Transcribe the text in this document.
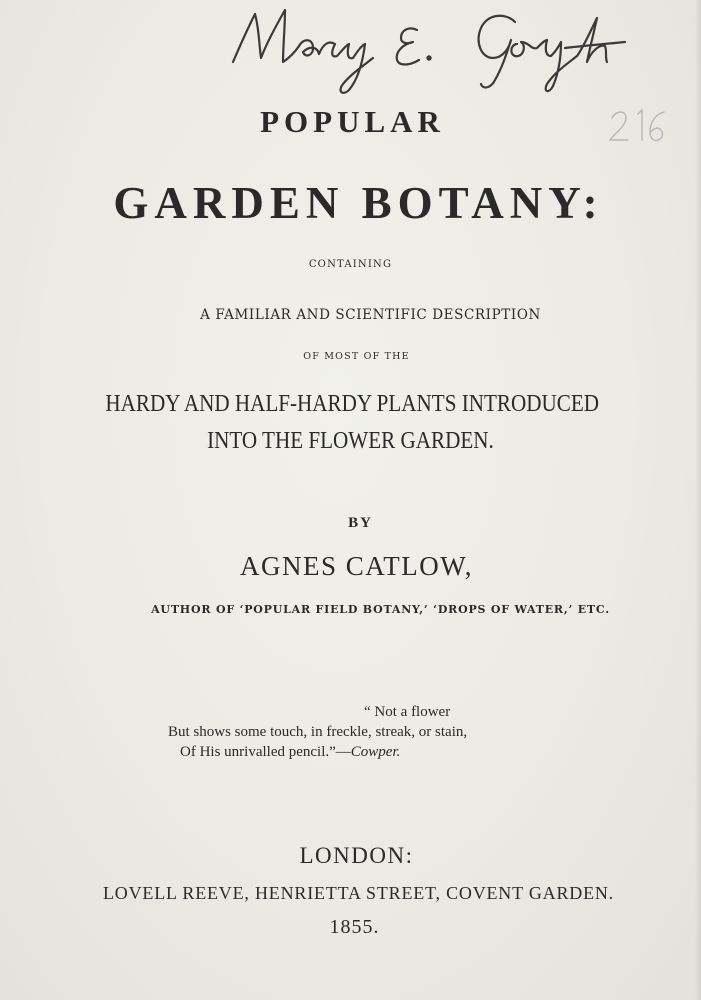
POPULAR
GARDEN BOTANY:
CONTAINING
A FAMILIAR AND SCIENTIFIC DESCRIPTION
OF MOST OF THE
HARDY AND HALF-HARDY PLANTS INTRODUCED
INTO THE FLOWER GARDEN.
BY
AGNES CATLOW,
AUTHOR OF ‘POPULAR FIELD BOTANY,’ ‘DROPS OF WATER,’ ETC.
“ Not a flower
But shows some touch, in freckle, streak, or stain,
Of His unrivalled pencil.”—Cowper.
LONDON:
LOVELL REEVE, HENRIETTA STREET, COVENT GARDEN.
1855.
